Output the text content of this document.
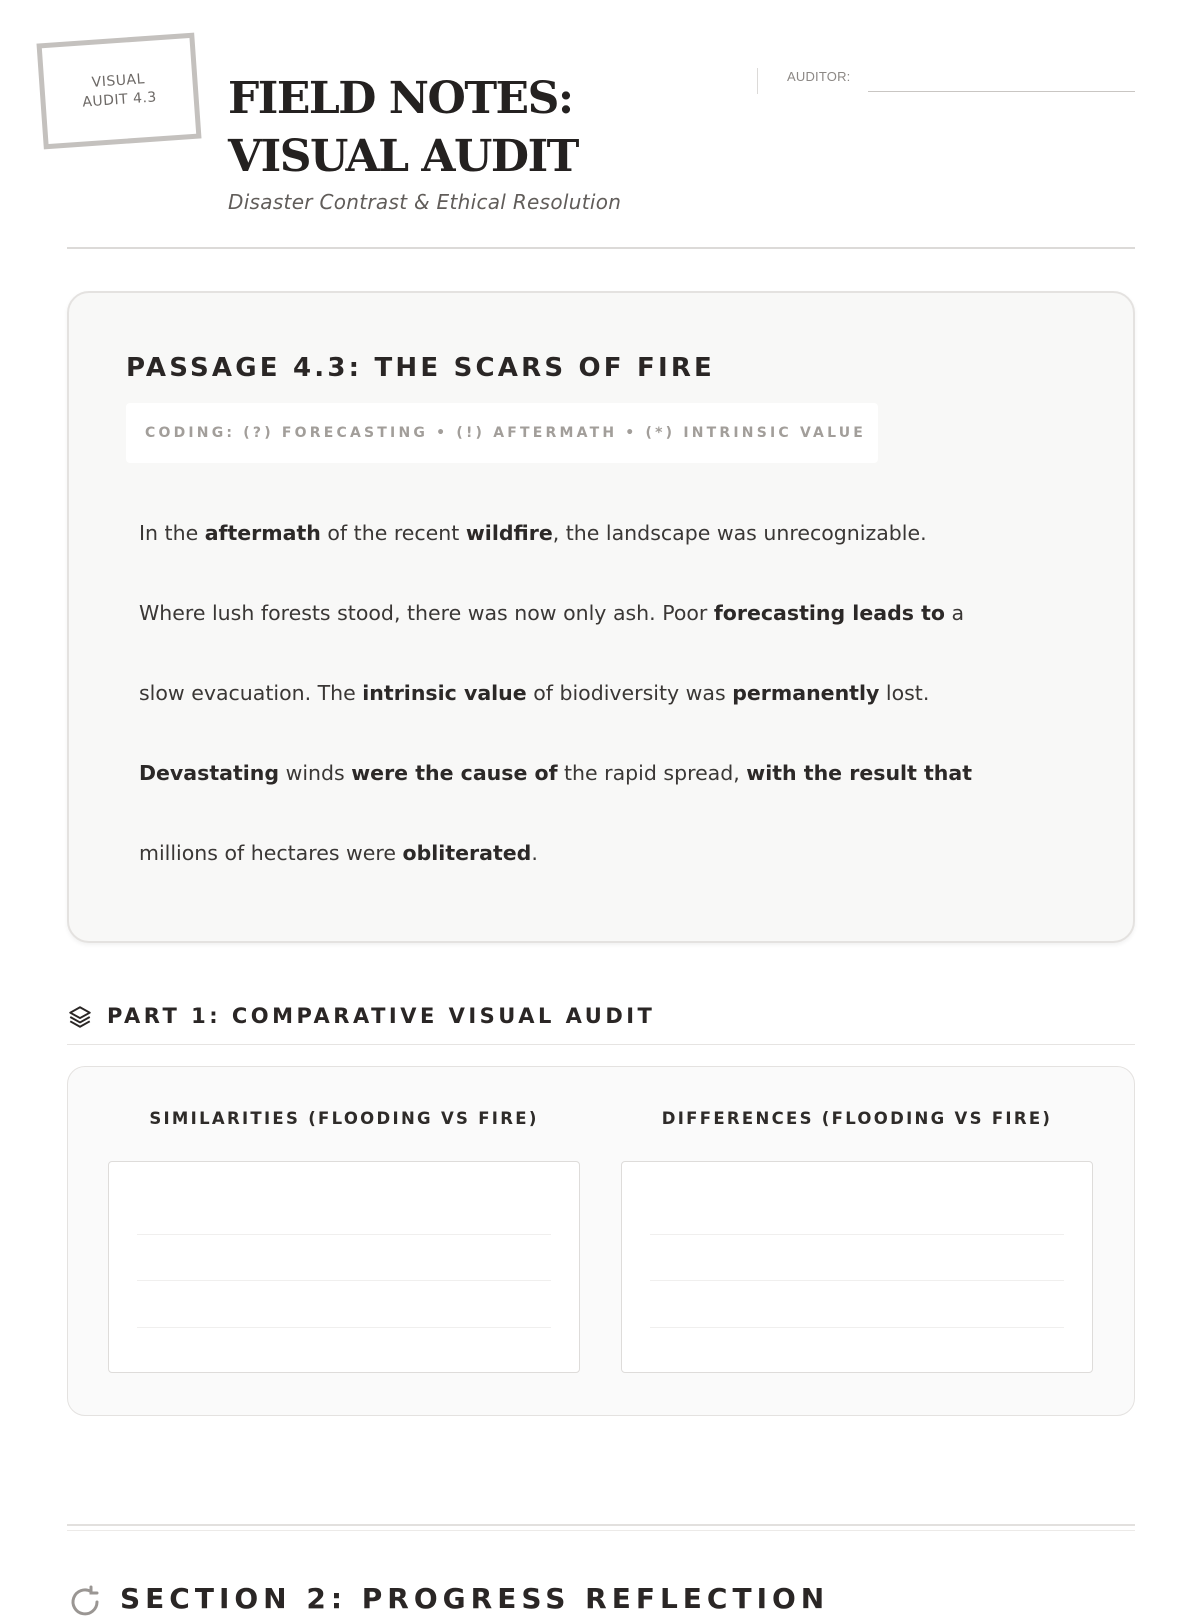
VISUAL
AUDIT 4.3 FIELD NOTES: VISUAL AUDIT

Disaster Contrast & Ethical Resolution

AUDITOR:
PASSAGE 4.3: THE SCARS OF FIRE
CODING: (?) FORECASTING • (!) AFTERMATH • (*) INTRINSIC VALUE

In the aftermath of the recent wildfire, the landscape was unrecognizable.

Where lush forests stood, there was now only ash. Poor forecasting leads to a

slow evacuation. The intrinsic value of biodiversity was permanently lost.

Devastating winds were the cause of the rapid spread, with the result that

millions of hectares were obliterated.

PART 1: COMPARATIVE VISUAL AUDIT
SIMILARITIES (FLOODING VS FIRE)	DIFFERENCES (FLOODING VS FIRE)
SECTION 2: PROGRESS REFLECTION
